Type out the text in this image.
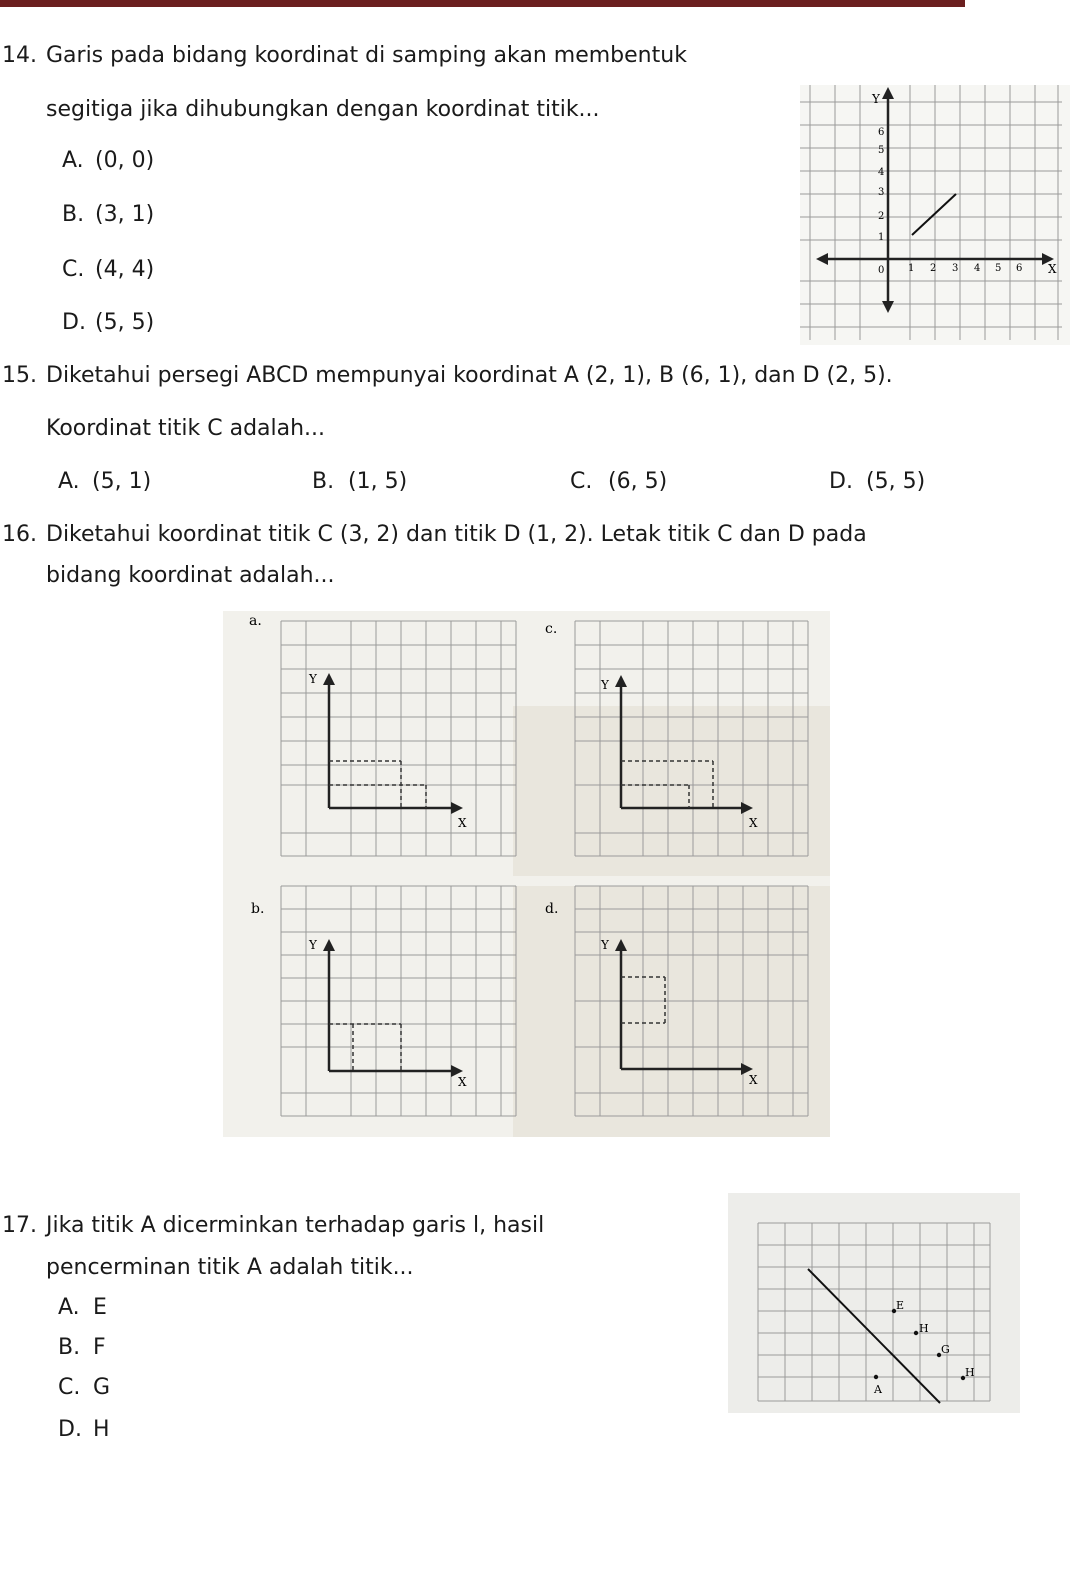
14. Garis pada bidang koordinat di samping akan membentuk
segitiga jika dihubungkan dengan koordinat titik...
A. (0, 0)
B. (3, 1)
C. (4, 4)
D. (5, 5)
Y
X
0 1 2 3 4 5 6
1
2
3
4
5
6
15. Diketahui persegi ABCD mempunyai koordinat A (2, 1), B (6, 1), dan D (2, 5).
Koordinat titik C adalah...
A. (5, 1)	B. (1, 5)	C. (6, 5)	D. (5, 5)
16. Diketahui koordinat titik C (3, 2) dan titik D (1, 2). Letak titik C dan D pada
bidang koordinat adalah...
a.
Y
X
c.
Y
X
b.
Y
X
d.
Y
X
17. Jika titik A dicerminkan terhadap garis l, hasil
pencerminan titik A adalah titik...
A. E
B. F
C. G
D. H
E
H
G
H
A
